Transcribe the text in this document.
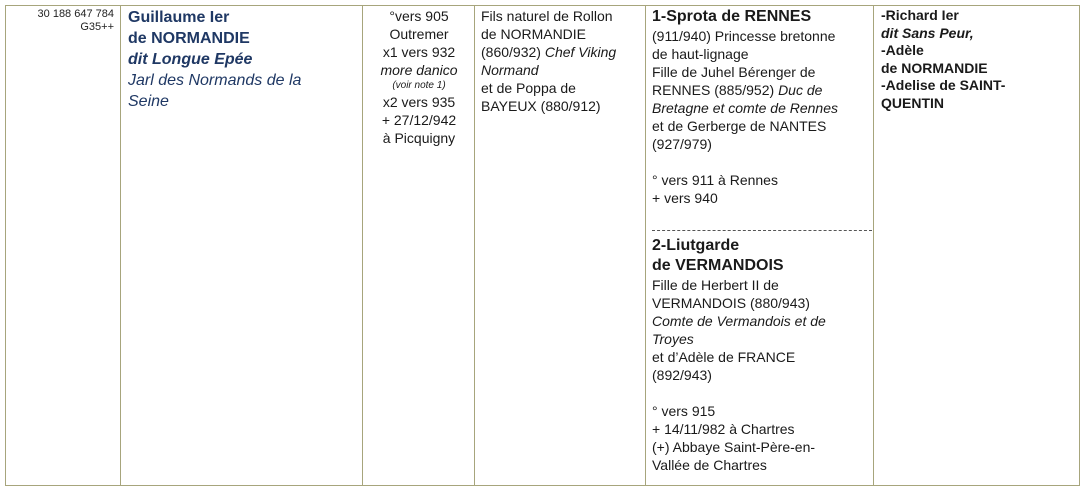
30 188 647 784
G35++
Guillaume Ier
de NORMANDIE
dit Longue Epée
Jarl des Normands de la
Seine
°vers 905
Outremer
x1 vers 932
more danico
(voir note 1)
x2 vers 935
+ 27/12/942
à Picquigny
Fils naturel de Rollon
de NORMANDIE
(860/932) Chef Viking
Normand
et de Poppa de
BAYEUX (880/912)
1-Sprota de RENNES
(911/940) Princesse bretonne
de haut-lignage
Fille de Juhel Bérenger de
RENNES (885/952) Duc de
Bretagne et comte de Rennes
et de Gerberge de NANTES
(927/979)
° vers 911 à Rennes
+ vers 940
2-Liutgarde
de VERMANDOIS
Fille de Herbert II de
VERMANDOIS (880/943)
Comte de Vermandois et de
Troyes
et d’Adèle de FRANCE
(892/943)
° vers 915
+ 14/11/982 à Chartres
(+) Abbaye Saint-Père-en-
Vallée de Chartres
-Richard Ier
dit Sans Peur,
-Adèle
de NORMANDIE
-Adelise de SAINT-
QUENTIN
